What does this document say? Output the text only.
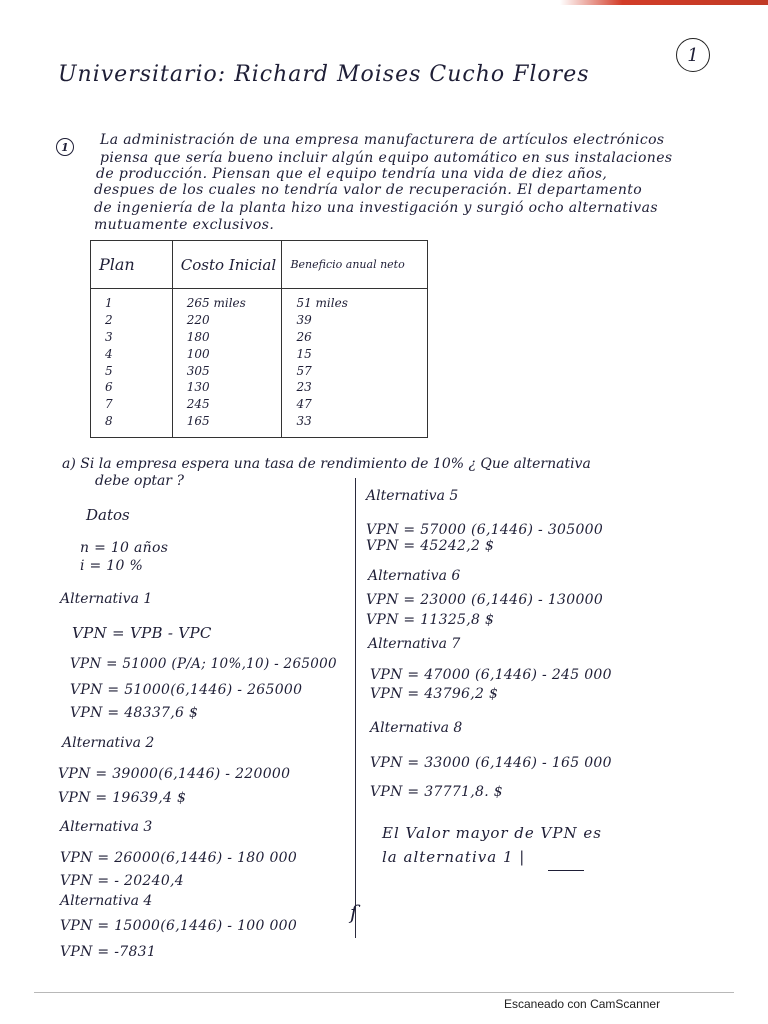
1
Universitario: Richard Moises Cucho Flores
1 La administración de una empresa manufacturera de artículos electrónicos
piensa que sería bueno incluir algún equipo automático en sus instalaciones
de producción. Piensan que el equipo tendría una vida de diez años,
despues de los cuales no tendría valor de recuperación. El departamento
de ingeniería de la planta hizo una investigación y surgió ocho alternativas
mutuamente exclusivos.
Plan	Costo Inicial	Beneficio anual neto
1	265 miles	51 miles
2	220	39
3	180	26
4	100	15
5	305	57
6	130	23
7	245	47
8	165	33
a) Si la empresa espera una tasa de rendimiento de 10% ¿ Que alternativa
debe optar ?
Datos
n = 10 años
i = 10 %
Alternativa 1
VPN = VPB - VPC
VPN = 51000 (P/A; 10%,10) - 265000
VPN = 51000(6,1446) - 265000
VPN = 48337,6 $
Alternativa 2
VPN = 39000(6,1446) - 220000
VPN = 19639,4 $
Alternativa 3
VPN = 26000(6,1446) - 180 000
VPN = - 20240,4
Alternativa 4
VPN = 15000(6,1446) - 100 000
VPN = -7831
ſ
Alternativa 5
VPN = 57000 (6,1446) - 305000
VPN = 45242,2 $
Alternativa 6
VPN = 23000 (6,1446) - 130000
VPN = 11325,8 $
Alternativa 7
VPN = 47000 (6,1446) - 245 000
VPN = 43796,2 $
Alternativa 8
VPN = 33000 (6,1446) - 165 000
VPN = 37771,8. $
El Valor mayor de VPN es
la alternativa 1 |
Escaneado con CamScanner
